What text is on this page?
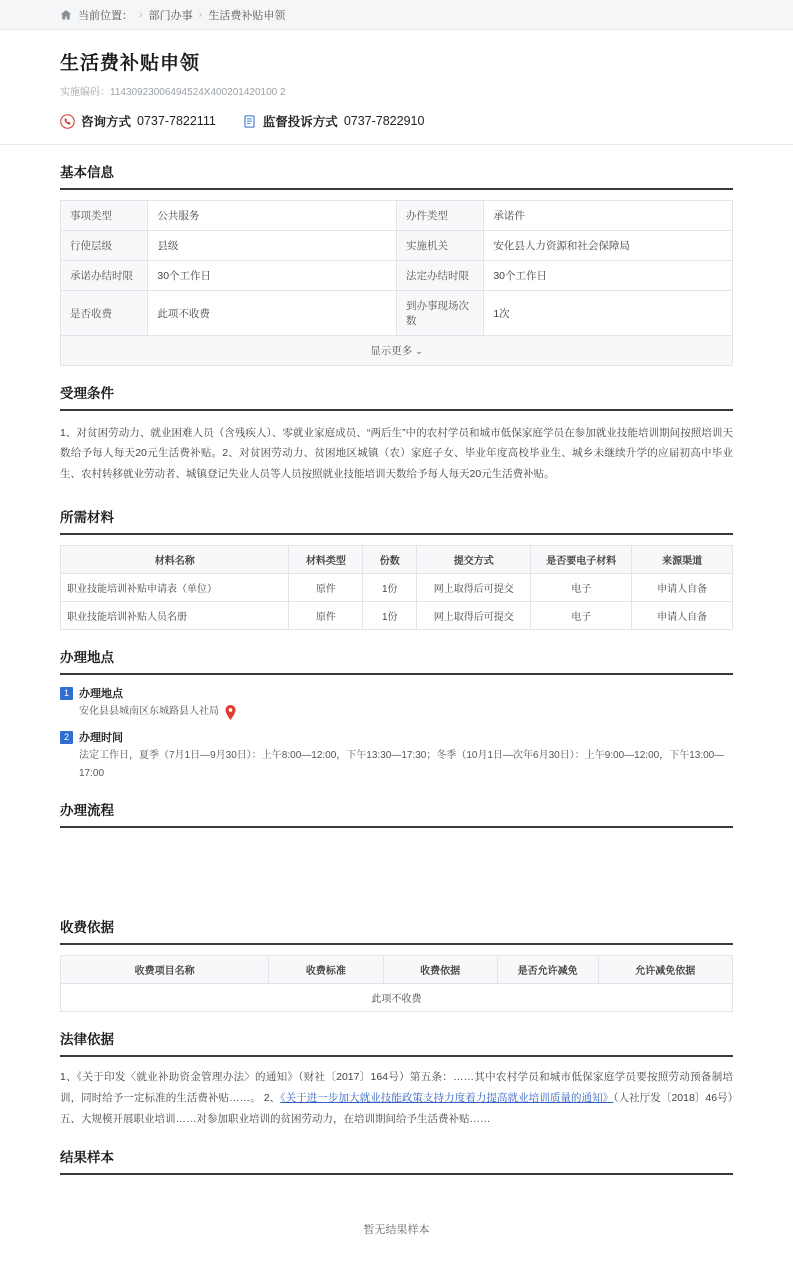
当前位置： › 部门办事 › 生活费补贴申领
生活费补贴申领
实施编码：11430923006494524X400201420100 2
咨询方式 0737-7822111	监督投诉方式 0737-7822910
基本信息
事项类型	公共服务	办件类型	承诺件
行使层级	县级	实施机关	安化县人力资源和社会保障局
承诺办结时限	30个工作日	法定办结时限	30个工作日
是否收费	此项不收费	到办事现场次数	1次
显示更多 ⌄
受理条件
1、对贫困劳动力、就业困难人员（含残疾人）、零就业家庭成员、“两后生”中的农村学员和城市低保家庭学员在参加就业技能培训期间按照培训天数给予每人每天20元生活费补贴。2、对贫困劳动力、贫困地区城镇（农）家庭子女、毕业年度高校毕业生、城乡未继续升学的应届初高中毕业生、农村转移就业劳动者、城镇登记失业人员等人员按照就业技能培训天数给予每人每天20元生活费补贴。
所需材料
材料名称	材料类型	份数	提交方式	是否要电子材料	来源渠道
职业技能培训补贴申请表（单位）	原件	1份	网上取得后可提交	电子	申请人自备
职业技能培训补贴人员名册	原件	1份	网上取得后可提交	电子	申请人自备
办理地点
1 办理地点
安化县县城南区东城路县人社局
2 办理时间
法定工作日，夏季（7月1日—9月30日）：上午8:00—12:00，下午13:30—17:30；冬季（10月1日—次年6月30日）：上午9:00—12:00，下午13:00—17:00
办理流程
收费依据
收费项目名称	收费标准	收费依据	是否允许减免	允许减免依据
此项不收费
法律依据
1、《关于印发〈就业补助资金管理办法〉的通知》（财社〔2017〕164号）第五条：……其中农村学员和城市低保家庭学员要按照劳动预备制培训，同时给予一定标准的生活费补贴……。 2、《关于进一步加大就业技能政策支持力度着力提高就业培训质量的通知》（人社厅发〔2018〕46号）五、大规模开展职业培训……对参加职业培训的贫困劳动力，在培训期间给予生活费补贴……
结果样本
暂无结果样本
